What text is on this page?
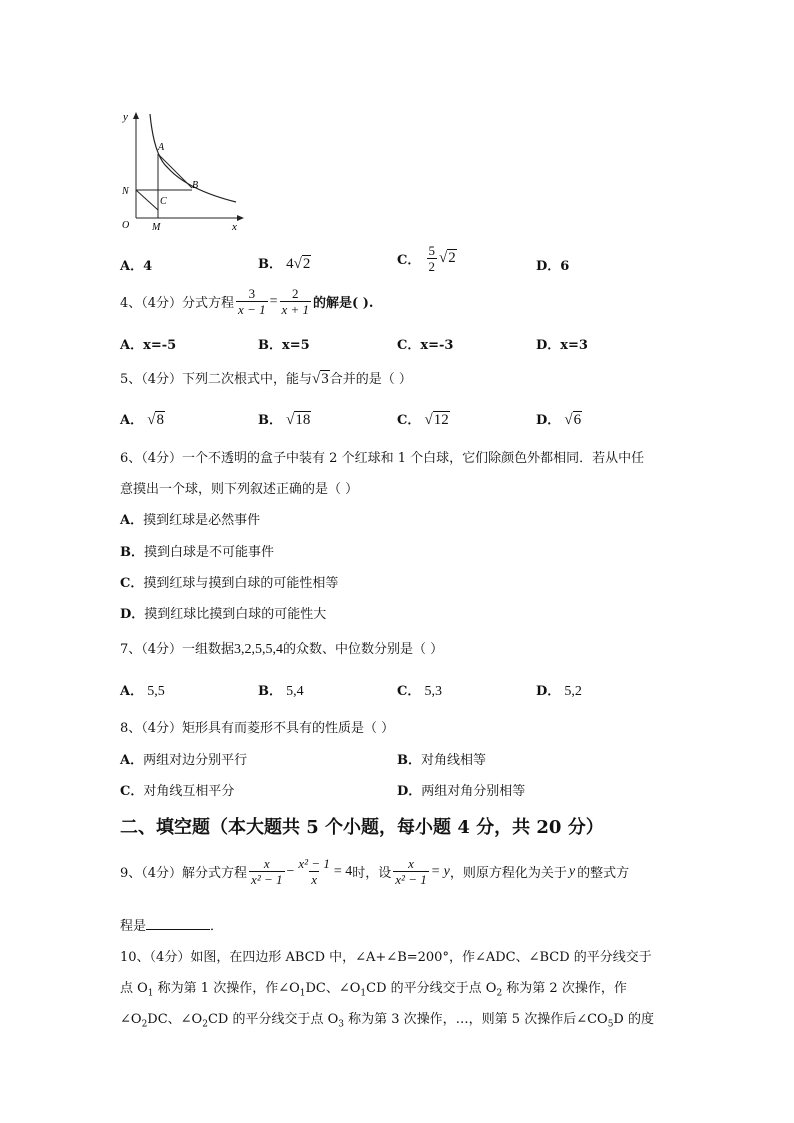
y
A
B
N
C
O M	x
A．4	B． 4√2	C． $\frac{5}{2} √2$
D．6
4、（4分）分式方程 $\frac{3}{x - 1} = \frac{2}{x + 1}$ 的解是( ).
A．x=-5	B．x=5	C．x=-3	D．x=3
5、（4分）下列二次根式中，能与√3合并的是（ ）
A． √8	B． √18	C． √12	D． √6
6、（4分）一个不透明的盒子中装有 2 个红球和 1 个白球，它们除颜色外都相同．若从中任
意摸出一个球，则下列叙述正确的是（ ）
A．摸到红球是必然事件
B．摸到白球是不可能事件
C．摸到红球与摸到白球的可能性相等
D．摸到红球比摸到白球的可能性大
7、（4分）一组数据3,2,5,5,4的众数、中位数分别是（ ）
A． 5,5	B． 5,4	C． 5,3	D． 5,2
8、（4分）矩形具有而菱形不具有的性质是（ ）
A．两组对边分别平行	B．对角线相等
C．对角线互相平分	D．两组对角分别相等
二、填空题（本大题共 5 个小题，每小题 4 分，共 20 分）
9、（4分）解分式方程 $\frac{x}{\text{x² − 1}} - \frac{\text{x² − 1}}{x} = 4$ 时，设 $\frac{x}{\text{x² − 1}} = y$ ，则原方程化为关于 y 的整式方
程是	．
10、（4分）如图，在四边形 ABCD 中，∠A+∠B=200°，作∠ADC、∠BCD 的平分线交于
点 $O_1$ 称为第 1 次操作，作$\angle O_1DC$、$\angle O_1CD$ 的平分线交于点 $O_2$ 称为第 2 次操作，作
$\angle O_2DC$、$\angle O_2CD$ 的平分线交于点 $O_3$ 称为第 3 次操作，…，则第 5 次操作后$\angle CO_5D$ 的度
